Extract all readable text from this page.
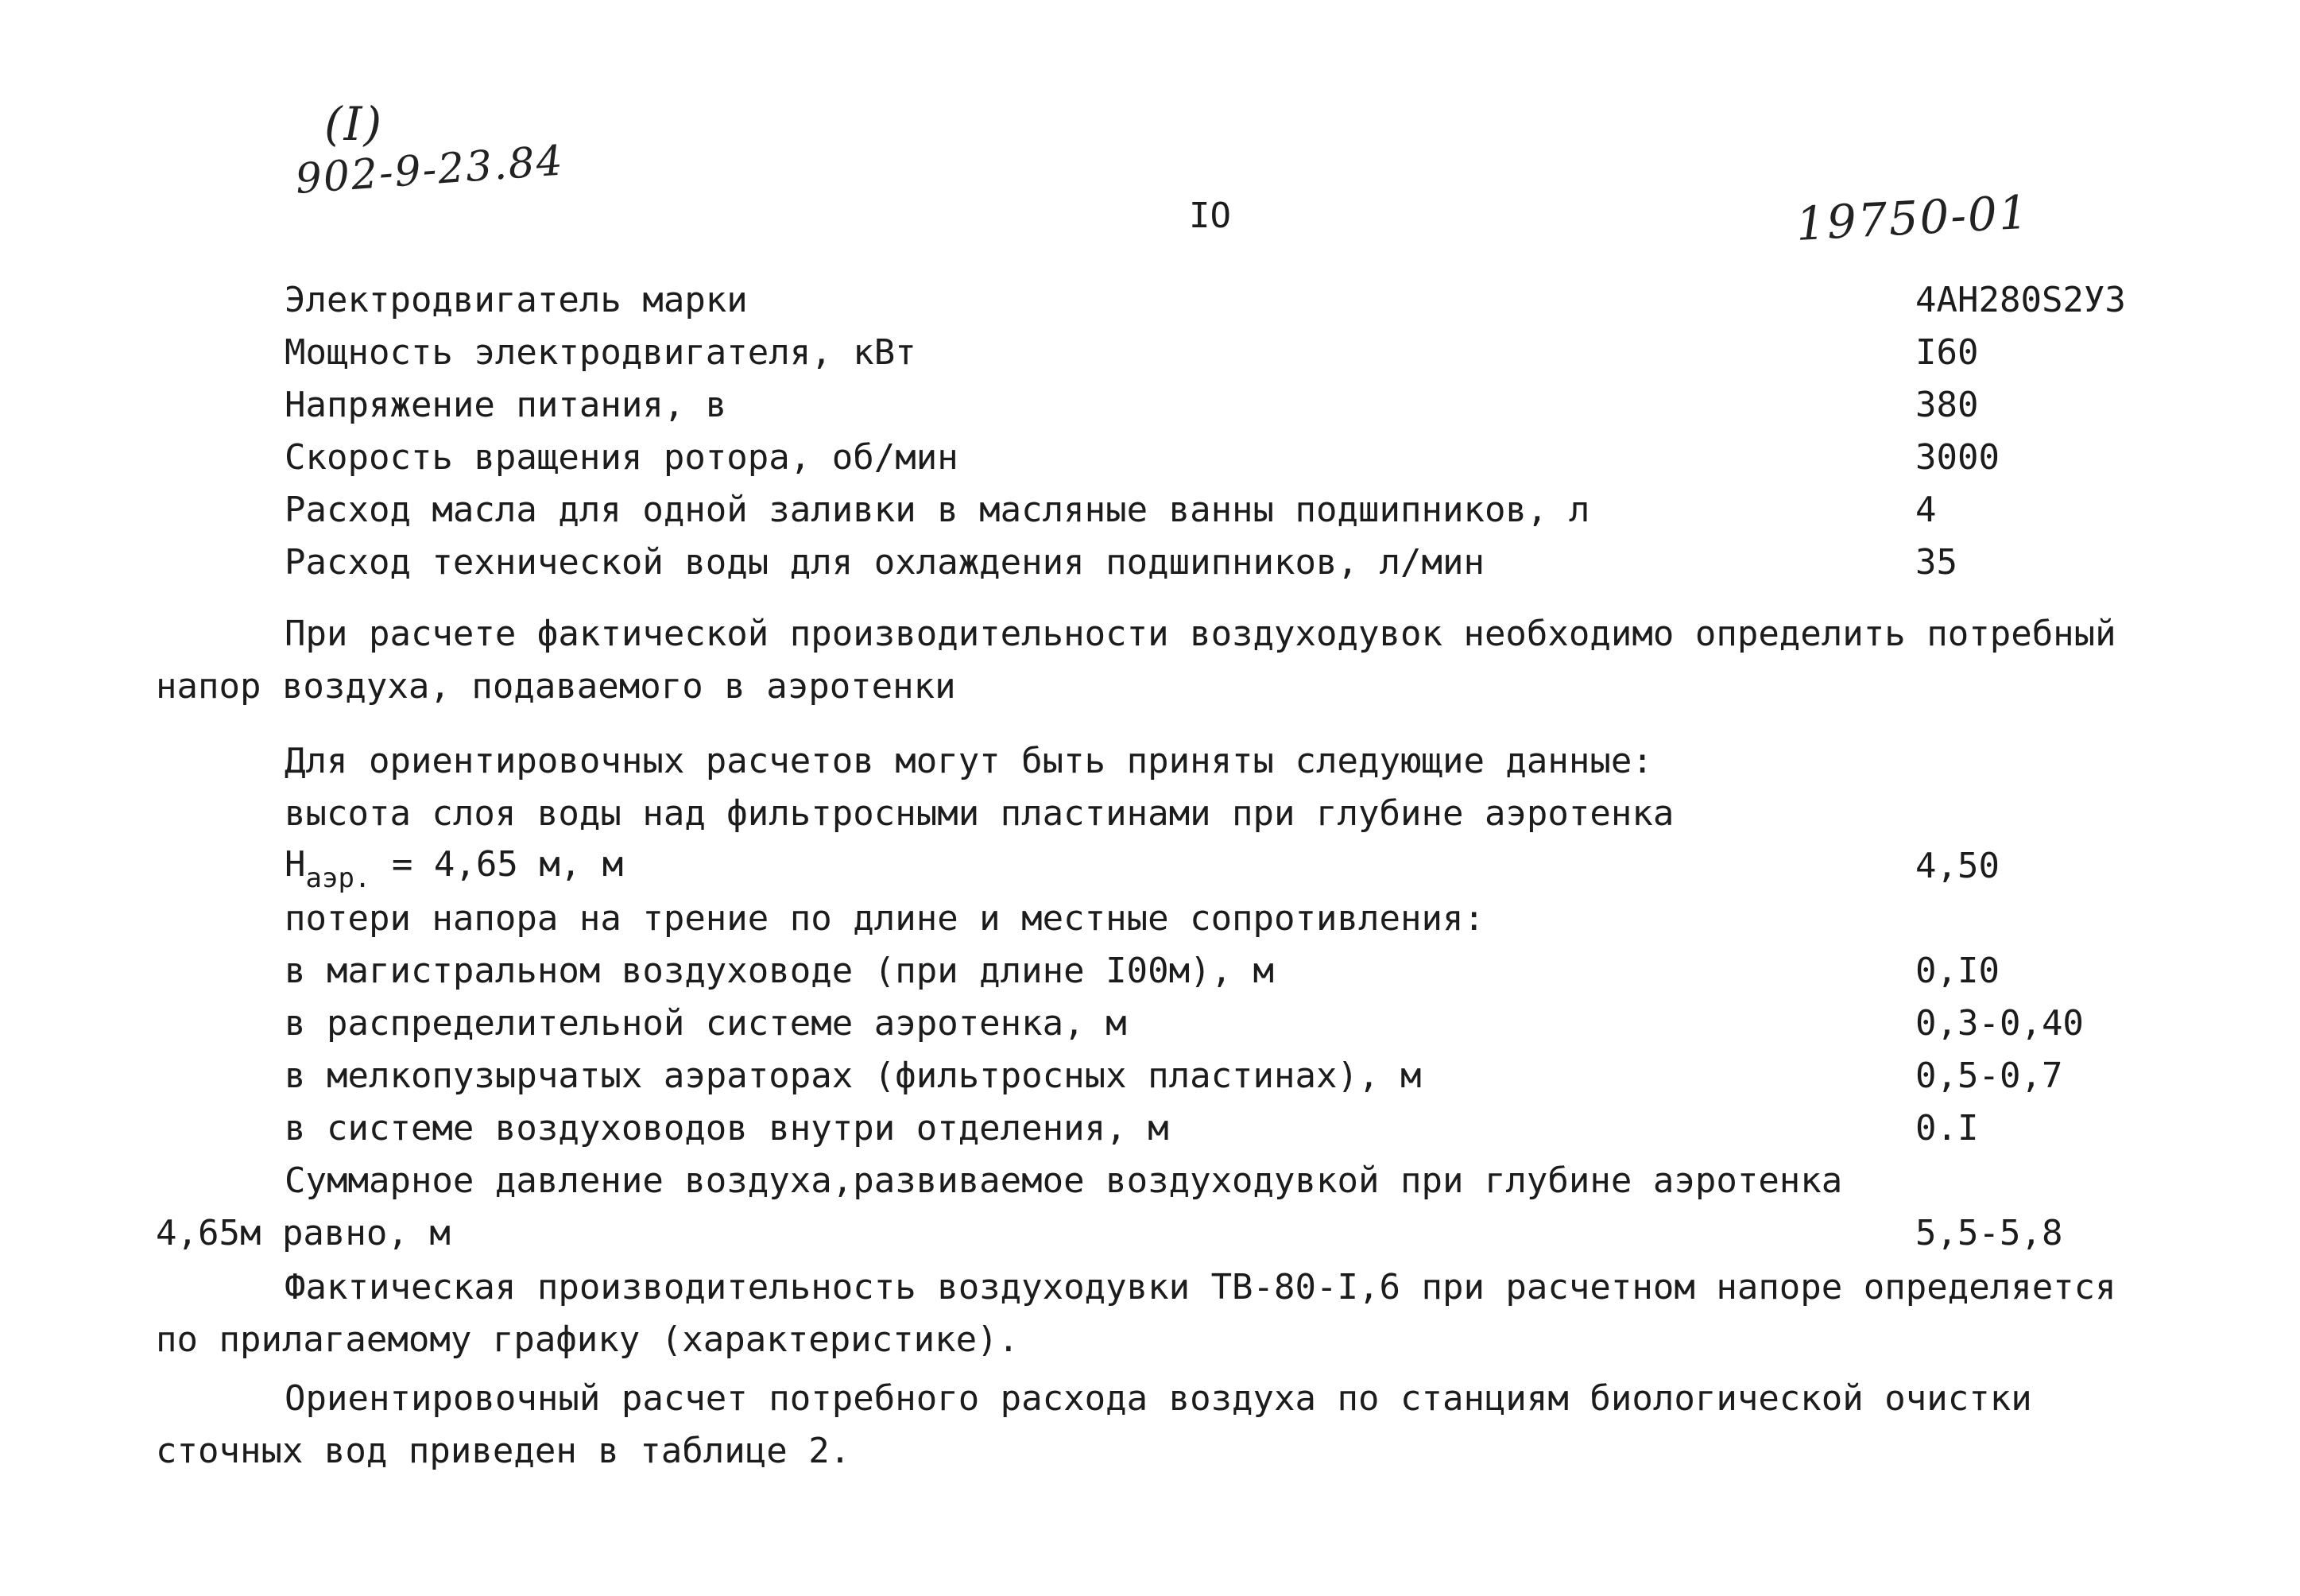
(I)
902-9-23.84
IO	19750-01
Электродвигатель марки	4АН280S2У3
Мощность электродвигателя, кВт	I60
Напряжение питания, в	380
Скорость вращения ротора, об/мин	3000
Расход масла для одной заливки в масляные ванны подшипников, л	4
Расход технической воды для охлаждения подшипников, л/мин	35
При расчете фактической производительности воздуходувок необходимо определить потребный
напор воздуха, подаваемого в аэротенки
Для ориентировочных расчетов могут быть приняты следующие данные:
высота слоя воды над фильтросными пластинами при глубине аэротенка
$H_{аэр.} = 4,65$ м, м	4,50
потери напора на трение по длине и местные сопротивления:
в магистральном воздуховоде (при длине I00м), м	0,I0
в распределительной системе аэротенка, м	0,3-0,40
в мелкопузырчатых аэраторах (фильтросных пластинах), м	0,5-0,7
в системе воздуховодов внутри отделения, м	0.I
Суммарное давление воздуха,развиваемое воздуходувкой при глубине аэротенка
4,65м равно, м	5,5-5,8
Фактическая производительность воздуходувки ТВ-80-I,6 при расчетном напоре определяется
по прилагаемому графику (характеристике).
Ориентировочный расчет потребного расхода воздуха по станциям биологической очистки
сточных вод приведен в таблице 2.
